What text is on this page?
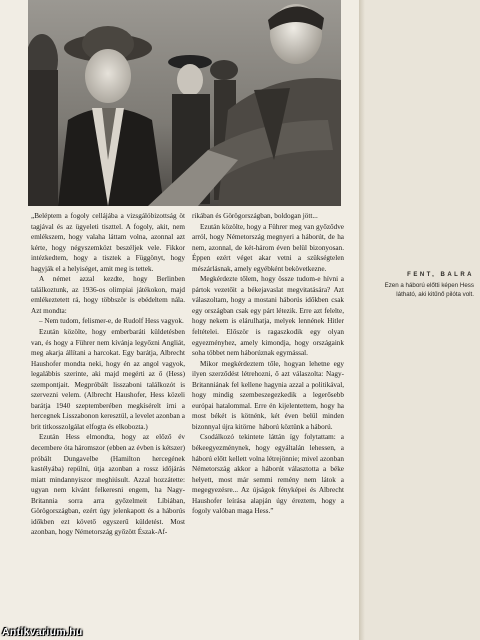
„Beléptem a fogoly cellájába a vizsgálóbizottság öt tagjával és az ügyeleti tiszttel. A fogoly, akit, nem emlékszem, hogy valaha láttam volna, azonnal azt kérte, hogy négyszemközt beszéljek vele. Fikkor intézkedtem, hogy a tisztek a Függönyt, hogy hagyják el a helyiséget, amit meg is tettek.

A német azzal kezdte, hogy Berlinben találkoztunk, az 1936-os olimpiai játékokon, majd emlékeztetett rá, hogy többször is ebédeltem nála. Azt mondta:

– Nem tudom, felismer-e, de Rudolf Hess vagyok.

Ezután közölte, hogy emberbaráti küldetésben van, és hogy a Führer nem kívánja legyőzni Angliát, meg akarja állítani a harcokat. Egy barátja, Albrecht Haushofer mondta neki, hogy én az angol vagyok, legalábbis szerinte, aki majd megérti az ő (Hess) szempontjait. Megpróbált lisszaboni találkozót is szervezni velem. (Albrecht Haushofer, Hess közeli barátja 1940 szeptemberében megkísérelt írni a hercegnek Lisszabonon keresztül, a levelet azonban a brit titkosszolgálat elfogta és elkobozta.)

Ezután Hess elmondta, hogy az előző év decembere óta háromszor (ebben az évben is kétszer) próbált Dungavelbe (Hamilton hercegének kastélyába) repülni, útja azonban a rossz időjárás miatt mindannyiszor meghiúsult. Azzal hozzátette: ugyan nem kívánt felkeresni engem, ha Nagy-Britannia sorra arra győzelmeit Líbiában, Görögországban, ezért úgy jelenkapott és a háborús időkben ezt követő egyszerű küldetést. Most azonban, hogy Németország győzött Észak-Af-

rikában és Görögországban, boldogan jött...

Ezután közölte, hogy a Führer meg van győződve arról, hogy Németország megnyeri a háborút, de ha nem, azonnal, de két-három éven belül bizonyosan. Éppen ezért véget akar vetni a szükségtelen mészárlásnak, amely egyébként bekövetkezne.

Megkérdezte tőlem, hogy össze tudom-e hívni a pártok vezetőit a békejavaslat megvitatására? Azt válaszoltam, hogy a mostani háborús időkben csak egy országban csak egy párt létezik. Erre azt felelte, hogy nekem is elárulhatja, melyek lennének Hitler feltételei. Először is ragaszkodik egy olyan egyezményhez, amely kimondja, hogy országaink soha többet nem háborúznak egymással.

Mikor megkérdeztem tőle, hogyan lehetne egy ilyen szerződést létrehozni, ő azt válaszolta: Nagy-Britanniának fel kellene hagynia azzal a politikával, hogy mindig szembeszegezkedik a legerősebb európai hatalommal. Erre én kijelentettem, hogy ha most békét is kötnénk, két éven belül minden bizonnyal újra kitörne háború köztünk a háború.

Csodálkozó tekintete láttán így folytattam: a békeegyezménynek, hogy egyáltalán lehessen, a háború előtt kellett volna létrejönnie; mivel azonban Németország akkor a háborút választotta a béke helyett, most már semmi remény nem látok a megegyezésre... Az újságok fényképei és Albrecht Haushofer leírása alapján úgy éreztem, hogy a fogoly valóban maga Hess.”

FENT, BALRA
Ezen a háború előtti képen Hess látható, aki kitűnő pilóta volt.
Antikvarium.hu
